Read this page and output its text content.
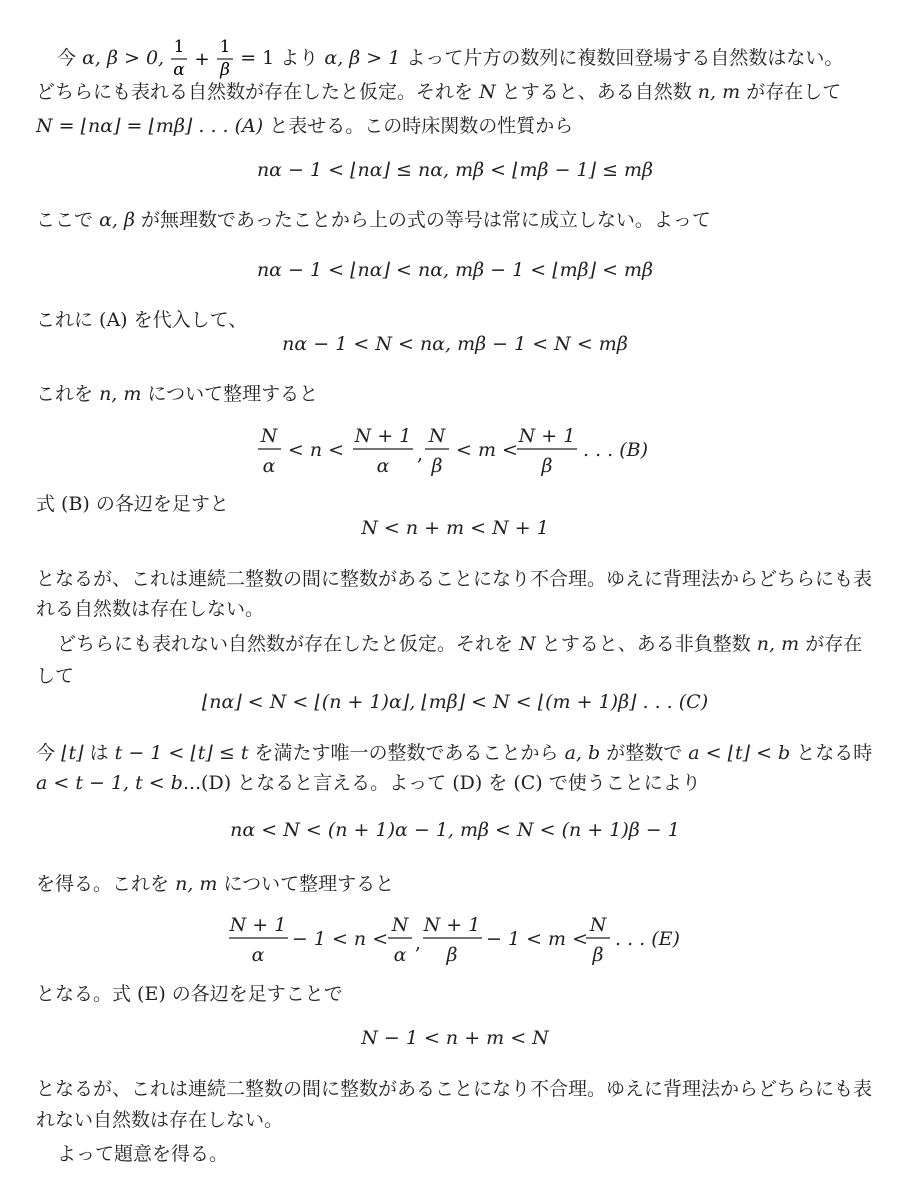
今 α, β > 0, 1
α +
1
β
= 1 より α, β > 1 よって片方の数列に複数回登場する自然数はない。
どちらにも表れる自然数が存在したと仮定。それを N とすると、ある自然数 n, m が存在して
N = ⌊nα⌋ = ⌊mβ⌋ . . . (A) と表せる。この時床関数の性質から
nα − 1 < ⌊nα⌋ ≤ nα, mβ < ⌊mβ − 1⌋ ≤ mβ
ここで α, β が無理数であったことから上の式の等号は常に成立しない。よって
nα − 1 < ⌊nα⌋ < nα, mβ − 1 < ⌊mβ⌋ < mβ
これに (A) を代入して、
nα − 1 < N < nα, mβ − 1 < N < mβ
これを n, m について整理すると
N
α
< n <
N + 1
α
,
N
β
< m <
N + 1
β
. . . (B)
式 (B) の各辺を足すと
N < n + m < N + 1
となるが、これは連続二整数の間に整数があることになり不合理。ゆえに背理法からどちらにも表
れる自然数は存在しない。
どちらにも表れない自然数が存在したと仮定。それを N とすると、ある非負整数 n, m が存在
して
⌊nα⌋ < N < ⌊(n + 1)α⌋, ⌊mβ⌋ < N < ⌊(m + 1)β⌋ . . . (C)
今 ⌊t⌋ は t − 1 < ⌊t⌋ ≤ t を満たす唯一の整数であることから a, b が整数で a < ⌊t⌋ < b となる時
a < t − 1, t < b...(D) となると言える。よって (D) を (C) で使うことにより
nα < N < (n + 1)α − 1, mβ < N < (n + 1)β − 1
を得る。これを n, m について整理すると
N + 1
α
− 1 < n <
N
α
,
N + 1
β
− 1 < m <
N
β
. . . (E)
となる。式 (E) の各辺を足すことで
N − 1 < n + m < N
となるが、これは連続二整数の間に整数があることになり不合理。ゆえに背理法からどちらにも表
れない自然数は存在しない。
よって題意を得る。
